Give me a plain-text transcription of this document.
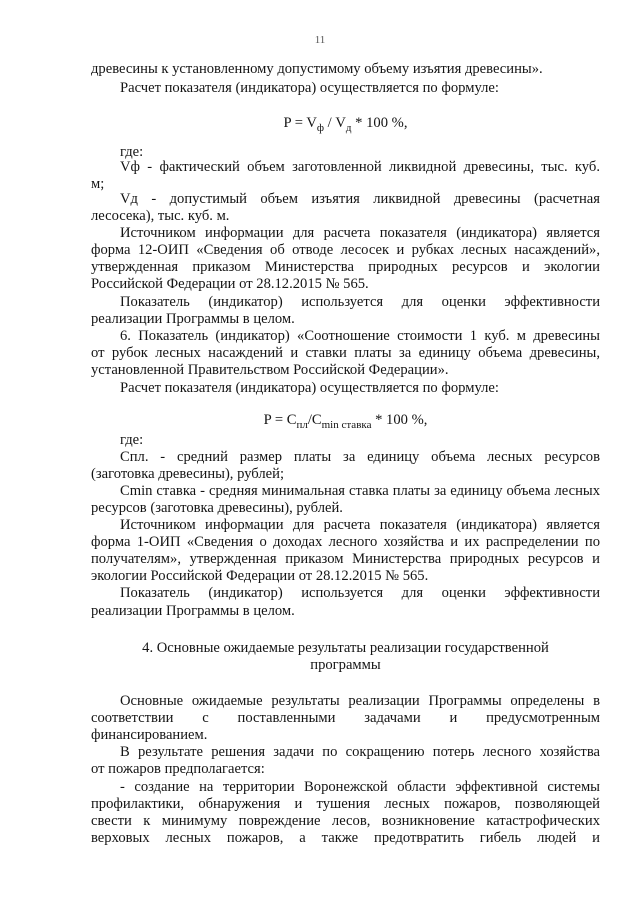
11
древесины к установленному допустимому объему изъятия древесины».
Расчет показателя (индикатора) осуществляется по формуле:
$P = V_ф / V_д * 100$ %,
где:
Vф - фактический объем заготовленной ликвидной древесины, тыс. куб.
м;
Vд - допустимый объем изъятия ликвидной древесины (расчетная
лесосека), тыс. куб. м.
Источником информации для расчета показателя (индикатора) является
форма 12-ОИП «Сведения об отводе лесосек и рубках лесных насаждений»,
утвержденная приказом Министерства природных ресурсов и экологии
Российской Федерации от 28.12.2015 № 565.
Показатель (индикатор) используется для оценки эффективности
реализации Программы в целом.
6. Показатель (индикатор) «Соотношение стоимости 1 куб. м древесины
от рубок лесных насаждений и ставки платы за единицу объема древесины,
установленной Правительством Российской Федерации».
Расчет показателя (индикатора) осуществляется по формуле:
$P = C_{пл}/C_{min ставка} * 100$ %,
где:
Cпл. - средний размер платы за единицу объема лесных ресурсов
(заготовка древесины), рублей;
Cmin ставка - средняя минимальная ставка платы за единицу объема лесных
ресурсов (заготовка древесины), рублей.
Источником информации для расчета показателя (индикатора) является
форма 1-ОИП «Сведения о доходах лесного хозяйства и их распределении по
получателям», утвержденная приказом Министерства природных ресурсов и
экологии Российской Федерации от 28.12.2015 № 565.
Показатель (индикатор) используется для оценки эффективности
реализации Программы в целом.
4. Основные ожидаемые результаты реализации государственной
программы
Основные ожидаемые результаты реализации Программы определены в
соответствии с поставленными задачами и предусмотренным
финансированием.
В результате решения задачи по сокращению потерь лесного хозяйства
от пожаров предполагается:
- создание на территории Воронежской области эффективной системы
профилактики, обнаружения и тушения лесных пожаров, позволяющей
свести к минимуму повреждение лесов, возникновение катастрофических
верховых лесных пожаров, а также предотвратить гибель людей и
